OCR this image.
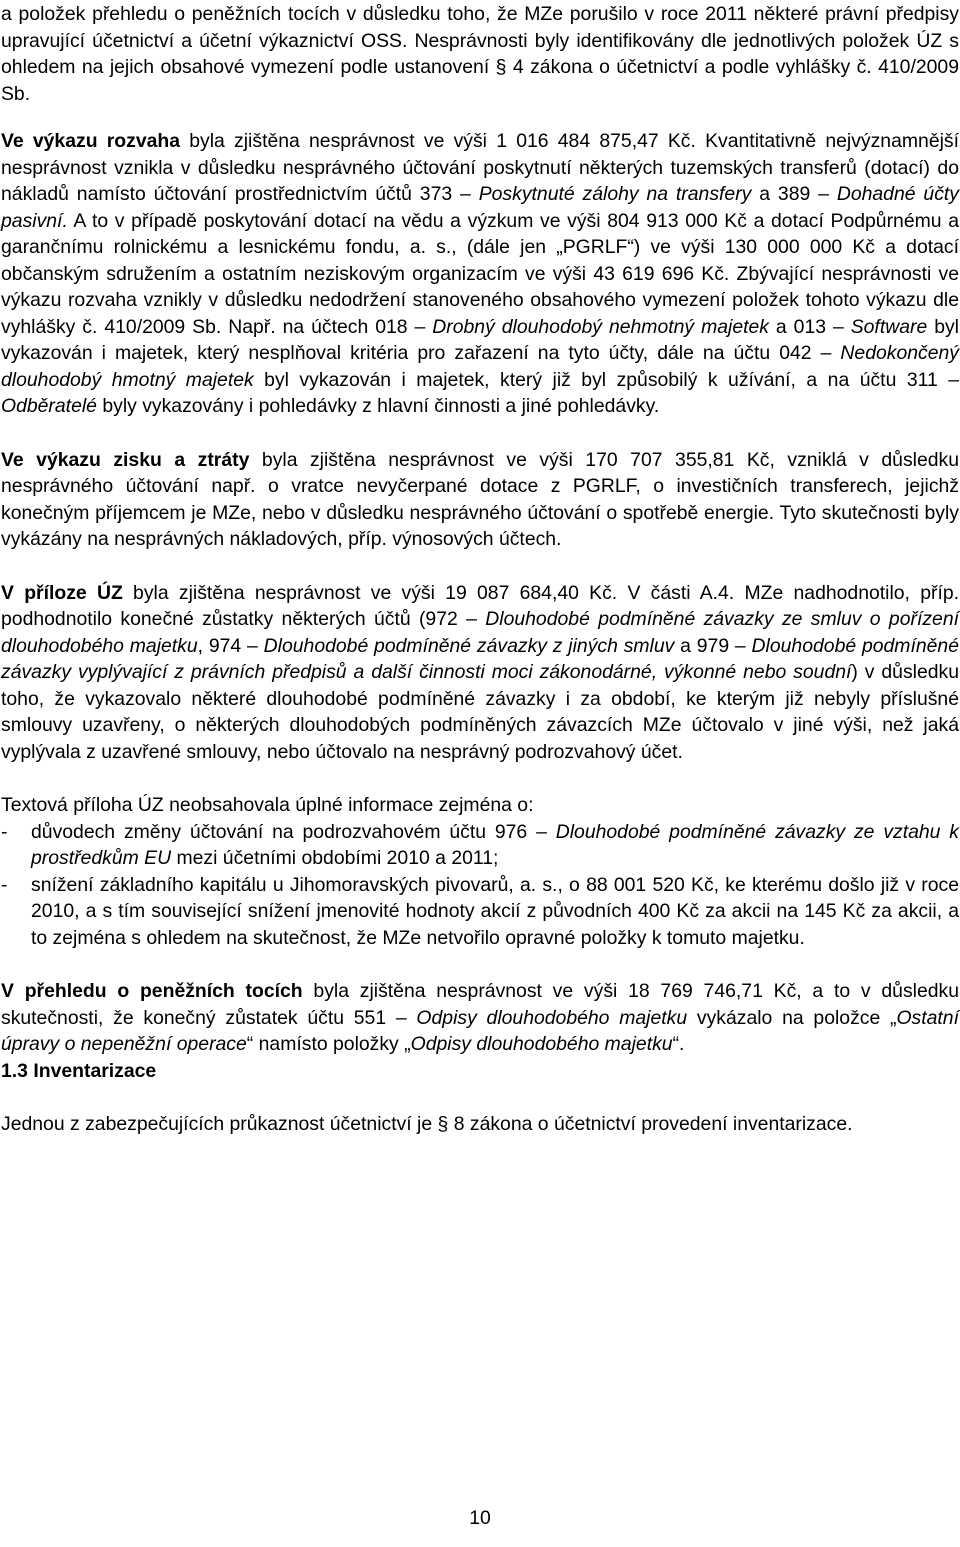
a položek přehledu o peněžních tocích v důsledku toho, že MZe porušilo v roce 2011 některé právní předpisy upravující účetnictví a účetní výkaznictví OSS. Nesprávnosti byly identifikovány dle jednotlivých položek ÚZ s ohledem na jejich obsahové vymezení podle ustanovení § 4 zákona o účetnictví a podle vyhlášky č. 410/2009 Sb.

Ve výkazu rozvaha byla zjištěna nesprávnost ve výši 1 016 484 875,47 Kč. Kvantitativně nejvýznamnější nesprávnost vznikla v důsledku nesprávného účtování poskytnutí některých tuzemských transferů (dotací) do nákladů namísto účtování prostřednictvím účtů 373 – Poskytnuté zálohy na transfery a 389 – Dohadné účty pasivní. A to v případě poskytování dotací na vědu a výzkum ve výši 804 913 000 Kč a dotací Podpůrnému a garančnímu rolnickému a lesnickému fondu, a. s., (dále jen „PGRLF“) ve výši 130 000 000 Kč a dotací občanským sdružením a ostatním neziskovým organizacím ve výši 43 619 696 Kč. Zbývající nesprávnosti ve výkazu rozvaha vznikly v důsledku nedodržení stanoveného obsahového vymezení položek tohoto výkazu dle vyhlášky č. 410/2009 Sb. Např. na účtech 018 – Drobný dlouhodobý nehmotný majetek a 013 – Software byl vykazován i majetek, který nesplňoval kritéria pro zařazení na tyto účty, dále na účtu 042 – Nedokončený dlouhodobý hmotný majetek byl vykazován i majetek, který již byl způsobilý k užívání, a na účtu 311 – Odběratelé byly vykazovány i pohledávky z hlavní činnosti a jiné pohledávky.

Ve výkazu zisku a ztráty byla zjištěna nesprávnost ve výši 170 707 355,81 Kč, vzniklá v důsledku nesprávného účtování např. o vratce nevyčerpané dotace z PGRLF, o investičních transferech, jejichž konečným příjemcem je MZe, nebo v důsledku nesprávného účtování o spotřebě energie. Tyto skutečnosti byly vykázány na nesprávných nákladových, příp. výnosových účtech.

V příloze ÚZ byla zjištěna nesprávnost ve výši 19 087 684,40 Kč. V části A.4. MZe nadhodnotilo, příp. podhodnotilo konečné zůstatky některých účtů (972 – Dlouhodobé podmíněné závazky ze smluv o pořízení dlouhodobého majetku, 974 – Dlouhodobé podmíněné závazky z jiných smluv a 979 – Dlouhodobé podmíněné závazky vyplývající z právních předpisů a další činnosti moci zákonodárné, výkonné nebo soudní) v důsledku toho, že vykazovalo některé dlouhodobé podmíněné závazky i za období, ke kterým již nebyly příslušné smlouvy uzavřeny, o některých dlouhodobých podmíněných závazcích MZe účtovalo v jiné výši, než jaká vyplývala z uzavřené smlouvy, nebo účtovalo na nesprávný podrozvahový účet.

Textová příloha ÚZ neobsahovala úplné informace zejména o:

- důvodech změny účtování na podrozvahovém účtu 976 – Dlouhodobé podmíněné závazky ze vztahu k prostředkům EU mezi účetními obdobími 2010 a 2011;
- snížení základního kapitálu u Jihomoravských pivovarů, a. s., o 88 001 520 Kč, ke kterému došlo již v roce 2010, a s tím související snížení jmenovité hodnoty akcií z původních 400 Kč za akcii na 145 Kč za akcii, a to zejména s ohledem na skutečnost, že MZe netvořilo opravné položky k tomuto majetku.

V přehledu o peněžních tocích byla zjištěna nesprávnost ve výši 18 769 746,71 Kč, a to v důsledku skutečnosti, že konečný zůstatek účtu 551 – Odpisy dlouhodobého majetku vykázalo na položce „Ostatní úpravy o nepeněžní operace“ namísto položky „Odpisy dlouhodobého majetku“.

1.3 Inventarizace

Jednou z zabezpečujících průkaznost účetnictví je § 8 zákona o účetnictví provedení inventarizace.

10
